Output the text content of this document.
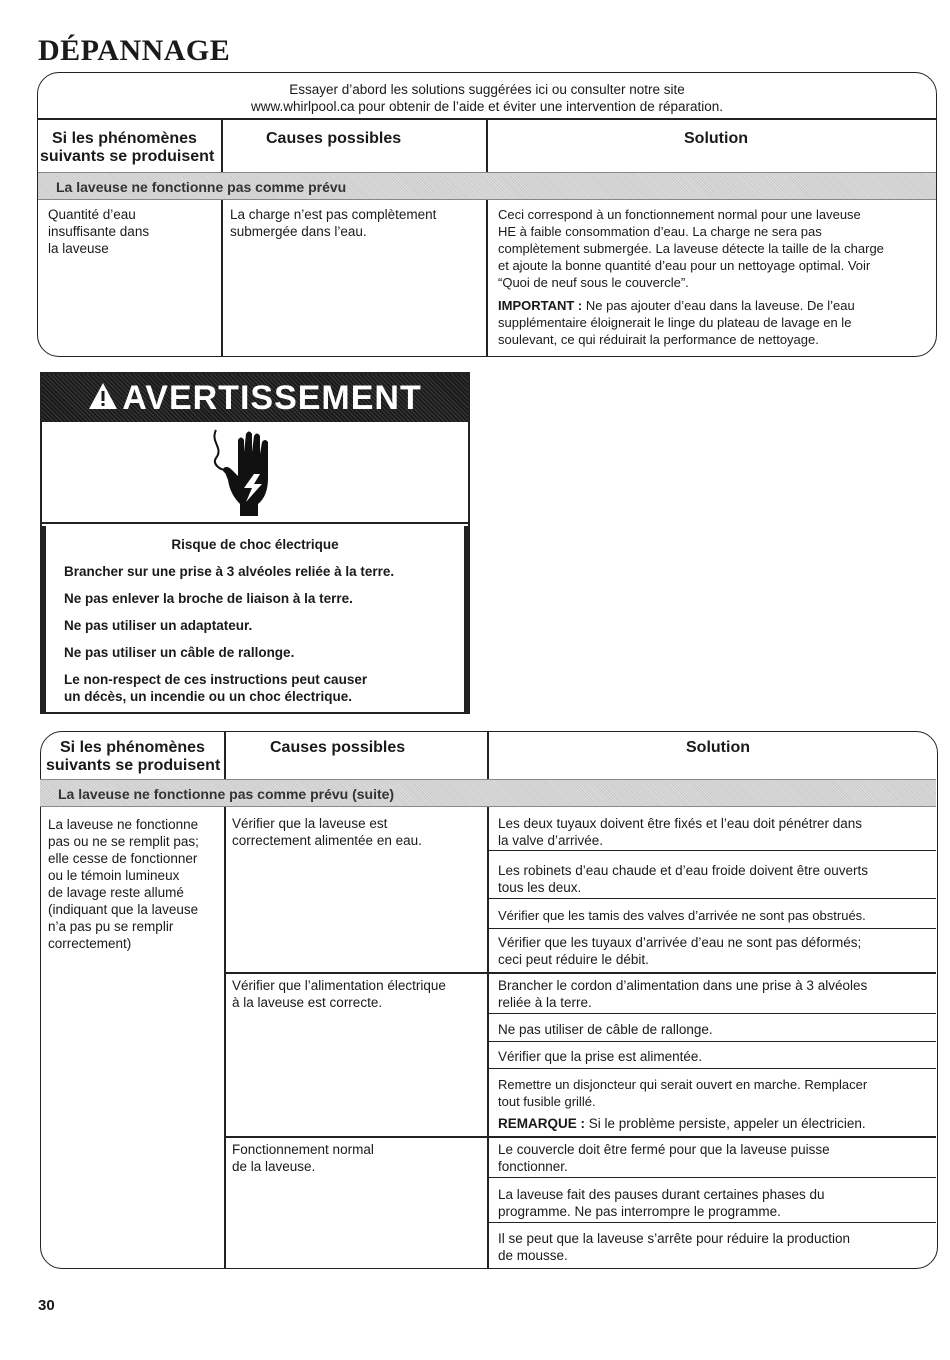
DÉPANNAGE
Essayer d’abord les solutions suggérées ici ou consulter notre site
www.whirlpool.ca pour obtenir de l’aide et éviter une intervention de réparation.
Si les phénomènes
suivants se produisent
Causes possibles	Solution
La laveuse ne fonctionne pas comme prévu
Quantité d’eau
insuffisante dans
la laveuse
La charge n’est pas complètement
submergée dans l’eau.
Ceci correspond à un fonctionnement normal pour une laveuse
HE à faible consommation d’eau. La charge ne sera pas
complètement submergée. La laveuse détecte la taille de la charge
et ajoute la bonne quantité d’eau pour un nettoyage optimal. Voir
“Quoi de neuf sous le couvercle”.
IMPORTANT : Ne pas ajouter d’eau dans la laveuse. De l’eau
supplémentaire éloignerait le linge du plateau de lavage en le
soulevant, ce qui réduirait la performance de nettoyage.
AVERTISSEMENT
Risque de choc électrique
Brancher sur une prise à 3 alvéoles reliée à la terre.
Ne pas enlever la broche de liaison à la terre.
Ne pas utiliser un adaptateur.
Ne pas utiliser un câble de rallonge.
Le non-respect de ces instructions peut causer
un décès, un incendie ou un choc électrique.
Si les phénomènes
suivants se produisent
Causes possibles	Solution
La laveuse ne fonctionne pas comme prévu (suite)
La laveuse ne fonctionne
pas ou ne se remplit pas;
elle cesse de fonctionner
ou le témoin lumineux
de lavage reste allumé
(indiquant que la laveuse
n’a pas pu se remplir
correctement)
Vérifier que la laveuse est
correctement alimentée en eau.
Vérifier que l’alimentation électrique
à la laveuse est correcte.
Fonctionnement normal
de la laveuse.
Les deux tuyaux doivent être fixés et l’eau doit pénétrer dans
la valve d’arrivée.
Les robinets d’eau chaude et d’eau froide doivent être ouverts
tous les deux.
Vérifier que les tamis des valves d’arrivée ne sont pas obstrués.
Vérifier que les tuyaux d’arrivée d’eau ne sont pas déformés;
ceci peut réduire le débit.
Brancher le cordon d’alimentation dans une prise à 3 alvéoles
reliée à la terre.
Ne pas utiliser de câble de rallonge.
Vérifier que la prise est alimentée.
Remettre un disjoncteur qui serait ouvert en marche. Remplacer
tout fusible grillé.
REMARQUE : Si le problème persiste, appeler un électricien.
Le couvercle doit être fermé pour que la laveuse puisse
fonctionner.
La laveuse fait des pauses durant certaines phases du
programme. Ne pas interrompre le programme.
Il se peut que la laveuse s’arrête pour réduire la production
de mousse.
30
